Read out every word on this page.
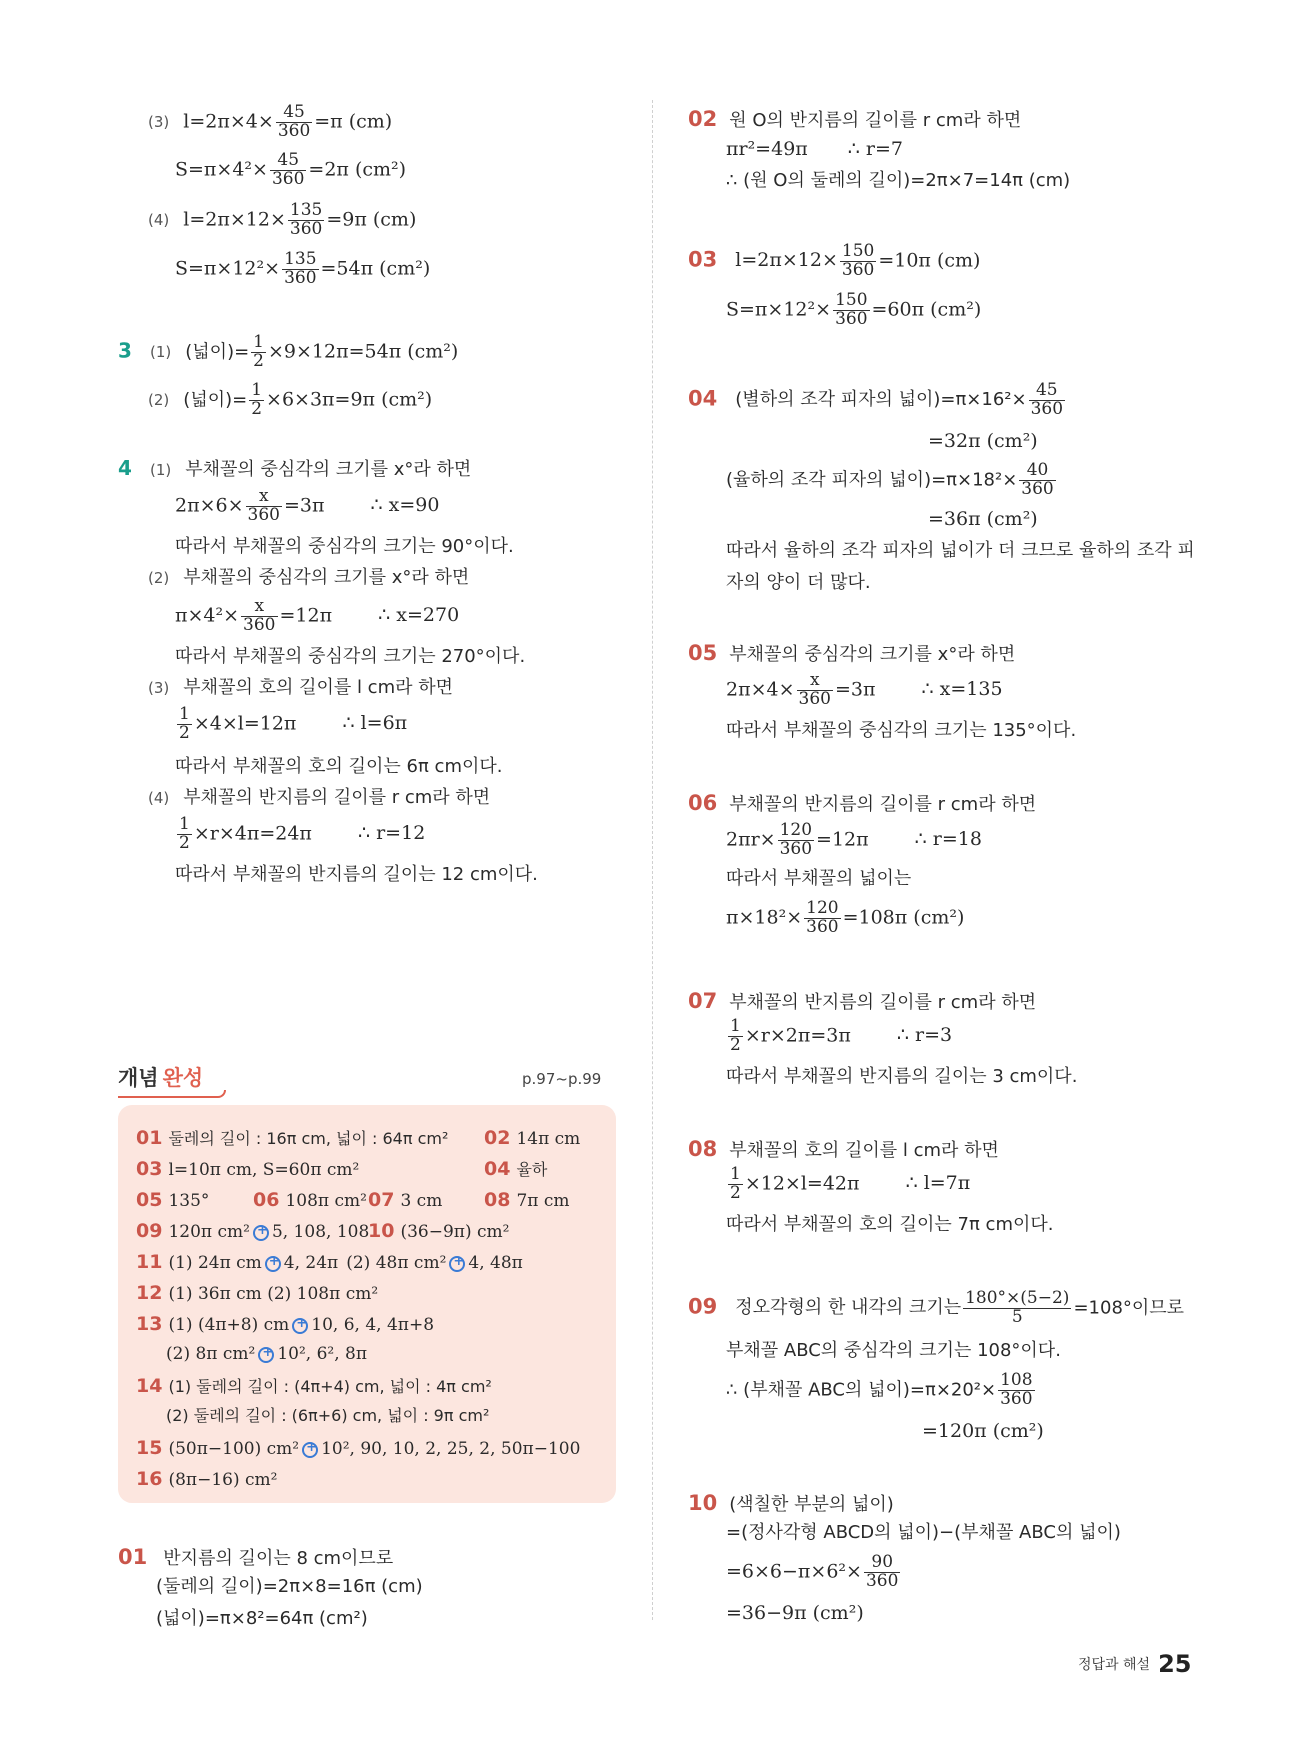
(3) $l=2\pi\times 4\times \frac{45}{360} =\pi$ (cm)
$S=\pi\times 4^2\times \frac{45}{360} =2\pi$ (cm²)
(4) $l=2\pi\times 12\times \frac{135}{360} =9\pi$ (cm)
$S=\pi\times 12^2\times \frac{135}{360} =54\pi$ (cm²)
3 (1) (넓이)= $\frac{1}{2} \times 9\times 12\pi=54\pi$ (cm²)
(2) (넓이)= $\frac{1}{2} \times 6\times 3\pi=9\pi$ (cm²)
4 (1) 부채꼴의 중심각의 크기를 x°라 하면
$2\pi\times 6\times \frac{x}{360} =3\pi$ ∴ x=90
따라서 부채꼴의 중심각의 크기는 90°이다.
(2) 부채꼴의 중심각의 크기를 x°라 하면
$\pi\times 4^2\times \frac{x}{360} =12\pi$ ∴ x=270
따라서 부채꼴의 중심각의 크기는 270°이다.
(3) 부채꼴의 호의 길이를 l cm라 하면
$\frac{1}{2} \times 4\times l=12\pi$ ∴ l=6π
따라서 부채꼴의 호의 길이는 6π cm이다.
(4) 부채꼴의 반지름의 길이를 r cm라 하면
$\frac{1}{2} \times r\times 4\pi=24\pi$ ∴ r=12
따라서 부채꼴의 반지름의 길이는 12 cm이다.
개념 완성	p.97~p.99
01 둘레의 길이 : 16π cm, 넓이 : 64π cm² 02 14π cm
03 l=10π cm, S=60π cm²	04 율하
05 135° 06 108π cm² 07 3 cm 08 7π cm
09 120π cm² + 5, 108, 108
10 (36−9π) cm²
11 (1) 24π cm + 4, 24π (2) 48π cm² + 4, 48π
12 (1) 36π cm (2) 108π cm²
13 (1) (4π+8) cm + 10, 6, 4, 4π+8
(2) 8π cm² + 10², 6², 8π
14 (1) 둘레의 길이 : (4π+4) cm, 넓이 : 4π cm²
(2) 둘레의 길이 : (6π+6) cm, 넓이 : 9π cm²
15 (50π−100) cm² + 10², 90, 10, 2, 25, 2, 50π−100
16 (8π−16) cm²
01 반지름의 길이는 8 cm이므로
(둘레의 길이)=2π×8=16π (cm)
(넓이)=π×8²=64π (cm²)
02 원 O의 반지름의 길이를 r cm라 하면
πr²=49π ∴ r=7
∴ (원 O의 둘레의 길이)=2π×7=14π (cm)
03 $l=2\pi\times 12\times \frac{150}{360} =10\pi$ (cm)
$S=\pi\times 12^2\times \frac{150}{360} =60\pi$ (cm²)
04 (별하의 조각 피자의 넓이)$=\pi\times 16^2\times \frac{45}{360}$
=32π (cm²)
(율하의 조각 피자의 넓이)$=\pi\times 18^2\times \frac{40}{360}$
=36π (cm²)
따라서 율하의 조각 피자의 넓이가 더 크므로 율하의 조각 피
자의 양이 더 많다.
05 부채꼴의 중심각의 크기를 x°라 하면
$2\pi\times 4\times \frac{x}{360} =3\pi$ ∴ x=135
따라서 부채꼴의 중심각의 크기는 135°이다.
06 부채꼴의 반지름의 길이를 r cm라 하면
$2\pi r\times \frac{120}{360} =12\pi$ ∴ r=18
따라서 부채꼴의 넓이는
$\pi\times 18^2\times \frac{120}{360} =108\pi$ (cm²)
07 부채꼴의 반지름의 길이를 r cm라 하면
$\frac{1}{2} \times r\times 2\pi=3\pi$ ∴ r=3
따라서 부채꼴의 반지름의 길이는 3 cm이다.
08 부채꼴의 호의 길이를 l cm라 하면
$\frac{1}{2} \times 12\times l=42\pi$ ∴ l=7π
따라서 부채꼴의 호의 길이는 7π cm이다.
09 정오각형의 한 내각의 크기는 $\frac{180^\circ\times(5-2)}{5} =108^\circ$이므로
부채꼴 ABC의 중심각의 크기는 108°이다.
∴ (부채꼴 ABC의 넓이)$=\pi\times 20^2\times \frac{108}{360}$
=120π (cm²)
10 (색칠한 부분의 넓이)
=(정사각형 ABCD의 넓이)−(부채꼴 ABC의 넓이)
$=6\times 6-\pi\times 6^2\times \frac{90}{360}$
=36−9π (cm²)
정답과 해설 25
